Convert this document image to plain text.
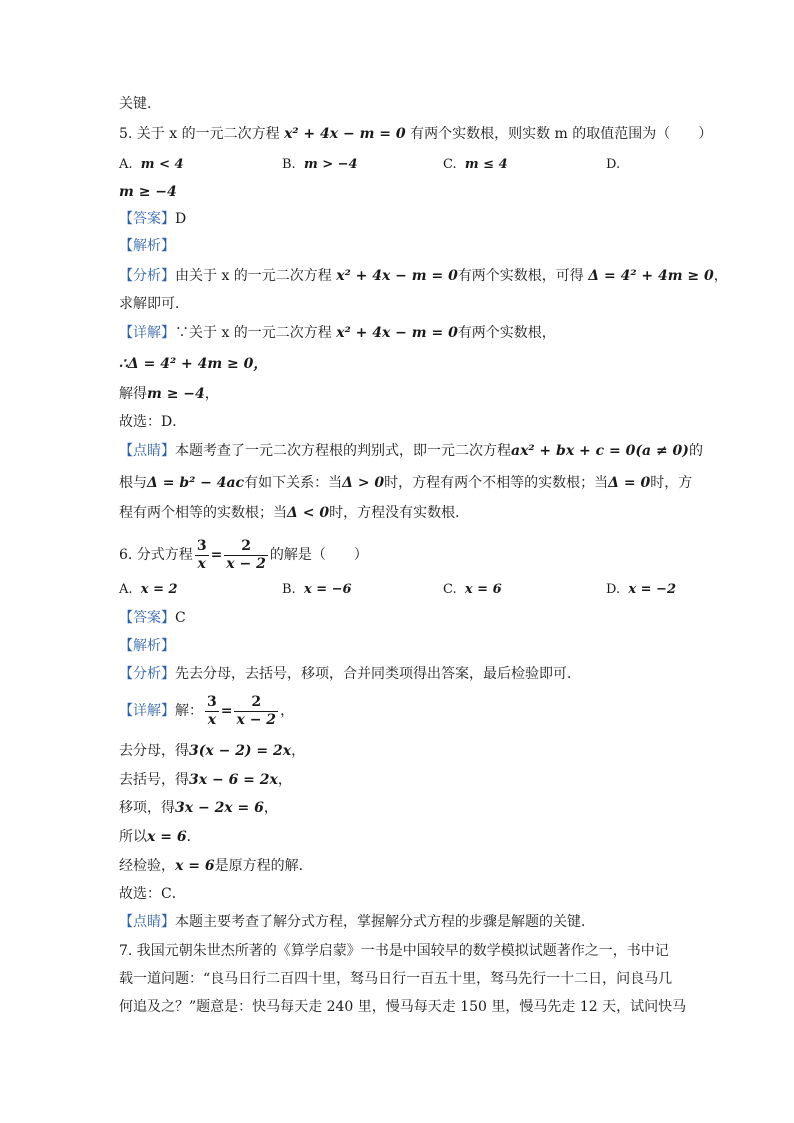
关键．
5. 关于 x 的一元二次方程 x² + 4x − m = 0 有两个实数根，则实数 m 的取值范围为（　　）
A. m < 4	B. m > −4	C. m ≤ 4	D.
m ≥ −4
【答案】D
【解析】
【分析】由关于 x 的一元二次方程 x² + 4x − m = 0有两个实数根，可得 Δ = 4² + 4m ≥ 0，
求解即可．
【详解】∵关于 x 的一元二次方程 x² + 4x − m = 0有两个实数根，
∴Δ = 4² + 4m ≥ 0，
解得m ≥ −4，
故选：D．
【点睛】本题考查了一元二次方程根的判别式，即一元二次方程ax² + bx + c = 0(a ≠ 0)的
根与Δ = b² − 4ac有如下关系：当Δ > 0时，方程有两个不相等的实数根；当Δ = 0时，方
程有两个相等的实数根；当Δ < 0时，方程没有实数根．
6. 分式方程 $\frac{3}{x} = \frac{2}{x - 2}$ 的解是（　　）
A. x = 2	B. x = −6	C. x = 6	D. x = −2
【答案】C
【解析】
【分析】先去分母，去括号，移项，合并同类项得出答案，最后检验即可．
【详解】解： $\frac{3}{x} = \frac{2}{x - 2}$ ，
去分母，得3(x − 2) = 2x，
去括号，得3x − 6 = 2x，
移项，得3x − 2x = 6，
所以x = 6．
经检验，x = 6是原方程的解．
故选：C．
【点睛】本题主要考查了解分式方程，掌握解分式方程的步骤是解题的关键．
7. 我国元朝朱世杰所著的《算学启蒙》一书是中国较早的数学模拟试题著作之一，书中记
载一道问题：“良马日行二百四十里，驽马日行一百五十里，驽马先行一十二日，问良马几
何追及之？”题意是：快马每天走 240 里，慢马每天走 150 里，慢马先走 12 天，试问快马
